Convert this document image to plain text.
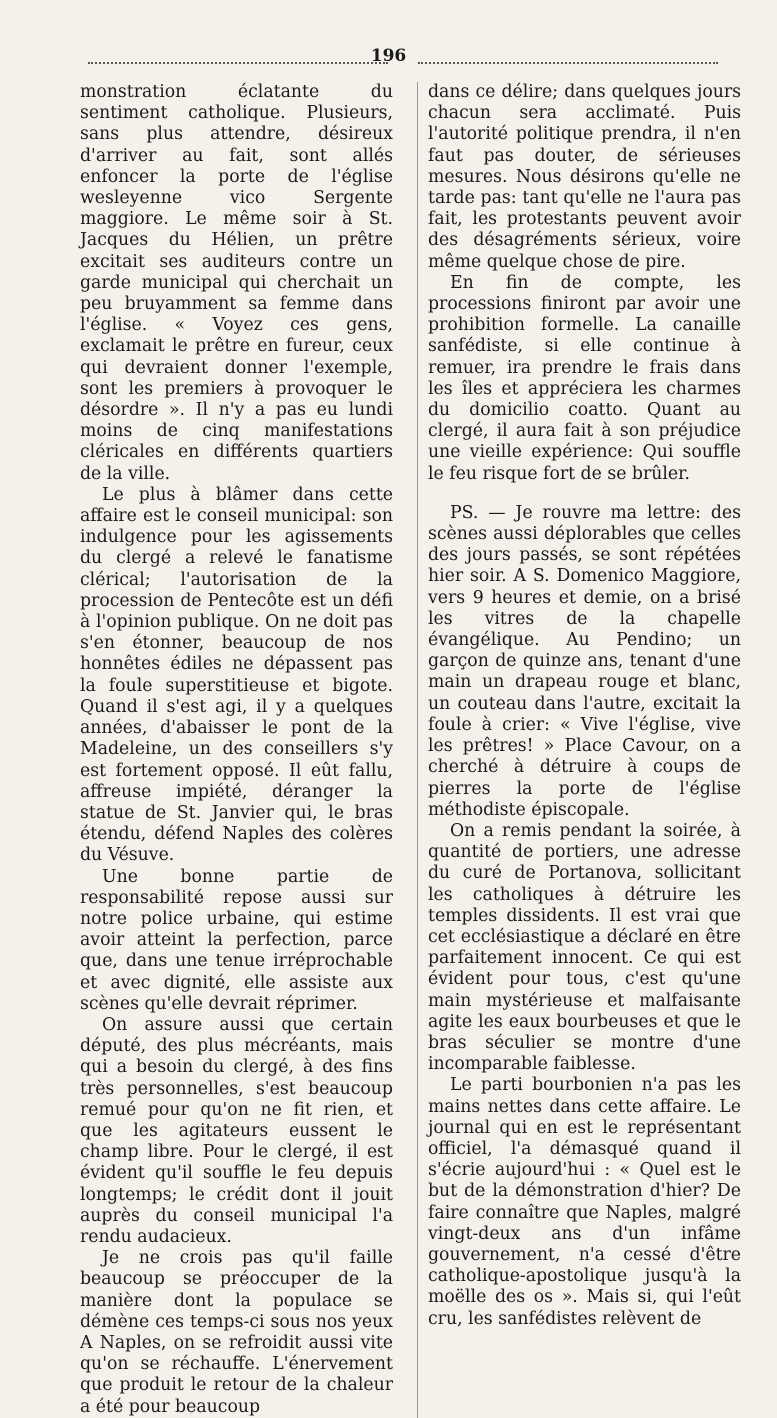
196

monstration éclatante du sentiment catholique. Plusieurs, sans plus attendre, désireux d'arriver au fait, sont allés enfoncer la porte de l'église wesleyenne vico Sergente maggiore. Le même soir à St. Jacques du Hélien, un prêtre excitait ses auditeurs contre un garde municipal qui cherchait un peu bruyamment sa femme dans l'église. « Voyez ces gens, exclamait le prêtre en fureur, ceux qui devraient donner l'exemple, sont les premiers à provoquer le désordre ». Il n'y a pas eu lundi moins de cinq manifestations cléricales en différents quartiers de la ville.

Le plus à blâmer dans cette affaire est le conseil municipal: son indulgence pour les agissements du clergé a relevé le fanatisme clérical; l'autorisation de la procession de Pentecôte est un défi à l'opinion publique. On ne doit pas s'en étonner, beaucoup de nos honnêtes édiles ne dépassent pas la foule superstitieuse et bigote. Quand il s'est agi, il y a quelques années, d'abaisser le pont de la Madeleine, un des conseillers s'y est fortement opposé. Il eût fallu, affreuse impiété, déranger la statue de St. Janvier qui, le bras étendu, défend Naples des colères du Vésuve.

Une bonne partie de responsabilité repose aussi sur notre police urbaine, qui estime avoir atteint la perfection, parce que, dans une tenue irréprochable et avec dignité, elle assiste aux scènes qu'elle devrait réprimer.

On assure aussi que certain député, des plus mécréants, mais qui a besoin du clergé, à des fins très personnelles, s'est beaucoup remué pour qu'on ne fit rien, et que les agitateurs eussent le champ libre. Pour le clergé, il est évident qu'il souffle le feu depuis longtemps; le crédit dont il jouit auprès du conseil municipal l'a rendu audacieux.

Je ne crois pas qu'il faille beaucoup se préoccuper de la manière dont la populace se démène ces temps-ci sous nos yeux A Naples, on se refroidit aussi vite qu'on se réchauffe. L'énervement que produit le retour de la chaleur a été pour beaucoup

dans ce délire; dans quelques jours chacun sera acclimaté. Puis l'autorité politique prendra, il n'en faut pas douter, de sérieuses mesures. Nous désirons qu'elle ne tarde pas: tant qu'elle ne l'aura pas fait, les protestants peuvent avoir des désagréments sérieux, voire même quelque chose de pire.

En fin de compte, les processions finiront par avoir une prohibition formelle. La canaille sanfédiste, si elle continue à remuer, ira prendre le frais dans les îles et appréciera les charmes du domicilio coatto. Quant au clergé, il aura fait à son préjudice une vieille expérience: Qui souffle le feu risque fort de se brûler.

PS. — Je rouvre ma lettre: des scènes aussi déplorables que celles des jours passés, se sont répétées hier soir. A S. Domenico Maggiore, vers 9 heures et demie, on a brisé les vitres de la chapelle évangélique. Au Pendino; un garçon de quinze ans, tenant d'une main un drapeau rouge et blanc, un couteau dans l'autre, excitait la foule à crier: « Vive l'église, vive les prêtres! » Place Cavour, on a cherché à détruire à coups de pierres la porte de l'église méthodiste épiscopale.

On a remis pendant la soirée, à quantité de portiers, une adresse du curé de Portanova, sollicitant les catholiques à détruire les temples dissidents. Il est vrai que cet ecclésiastique a déclaré en être parfaitement innocent. Ce qui est évident pour tous, c'est qu'une main mystérieuse et malfaisante agite les eaux bourbeuses et que le bras séculier se montre d'une incomparable faiblesse.

Le parti bourbonien n'a pas les mains nettes dans cette affaire. Le journal qui en est le représentant officiel, l'a démasqué quand il s'écrie aujourd'hui : « Quel est le but de la démonstration d'hier? De faire connaître que Naples, malgré vingt-deux ans d'un infâme gouvernement, n'a cessé d'être catholique-apostolique jusqu'à la moëlle des os ». Mais si, qui l'eût cru, les sanfédistes relèvent de
